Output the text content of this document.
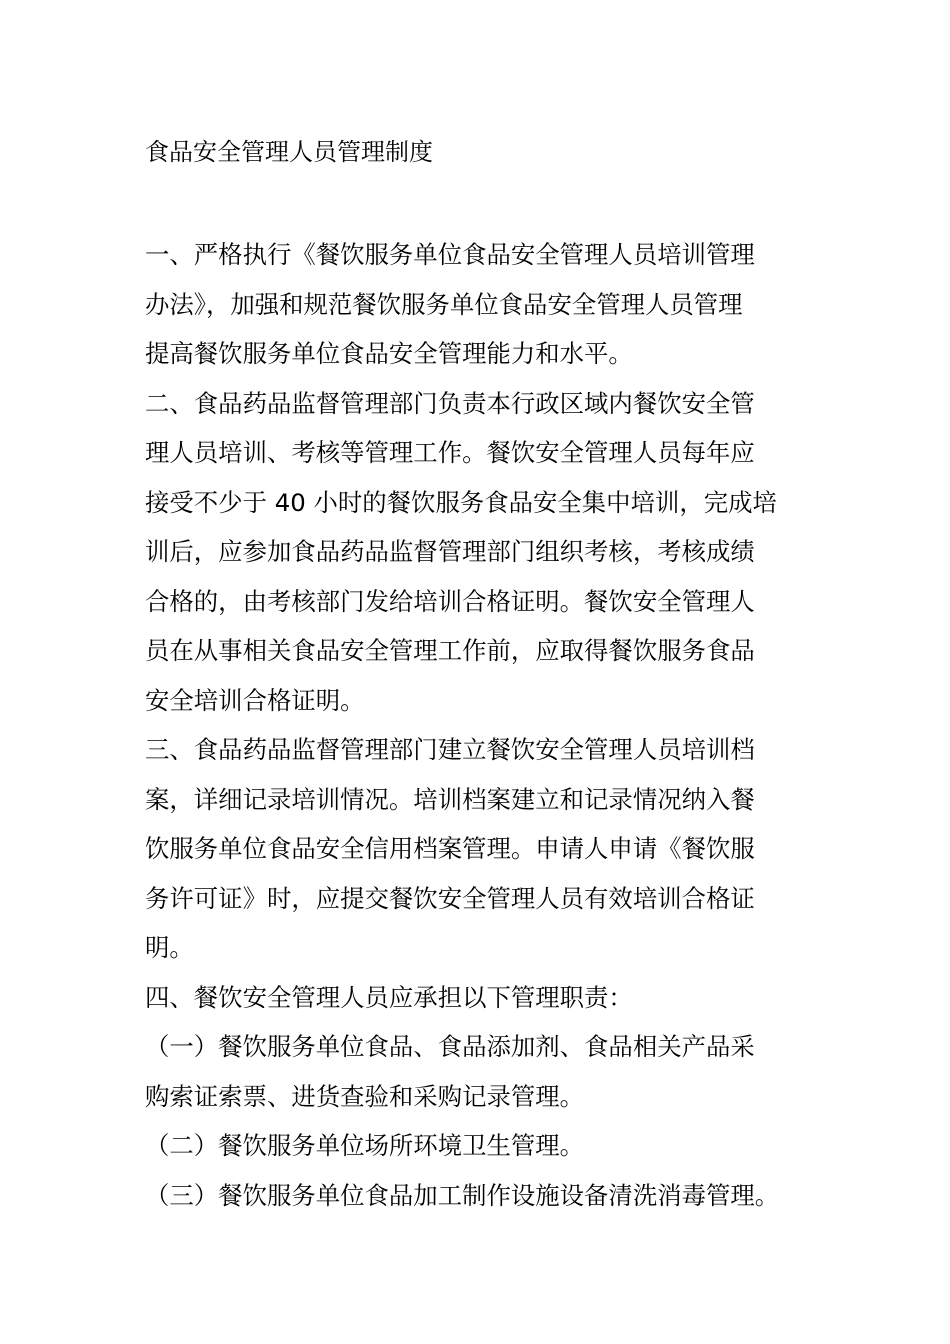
食品安全管理人员管理制度
一、严格执行《餐饮服务单位食品安全管理人员培训管理
办法》，加强和规范餐饮服务单位食品安全管理人员管理
提高餐饮服务单位食品安全管理能力和水平。
二、食品药品监督管理部门负责本行政区域内餐饮安全管
理人员培训、考核等管理工作。餐饮安全管理人员每年应
接受不少于 40 小时的餐饮服务食品安全集中培训，完成培
训后，应参加食品药品监督管理部门组织考核，考核成绩
合格的，由考核部门发给培训合格证明。餐饮安全管理人
员在从事相关食品安全管理工作前，应取得餐饮服务食品
安全培训合格证明。
三、食品药品监督管理部门建立餐饮安全管理人员培训档
案，详细记录培训情况。培训档案建立和记录情况纳入餐
饮服务单位食品安全信用档案管理。申请人申请《餐饮服
务许可证》时，应提交餐饮安全管理人员有效培训合格证
明。
四、餐饮安全管理人员应承担以下管理职责：
（一）餐饮服务单位食品、食品添加剂、食品相关产品采
购索证索票、进货查验和采购记录管理。
（二）餐饮服务单位场所环境卫生管理。
（三）餐饮服务单位食品加工制作设施设备清洗消毒管理。
